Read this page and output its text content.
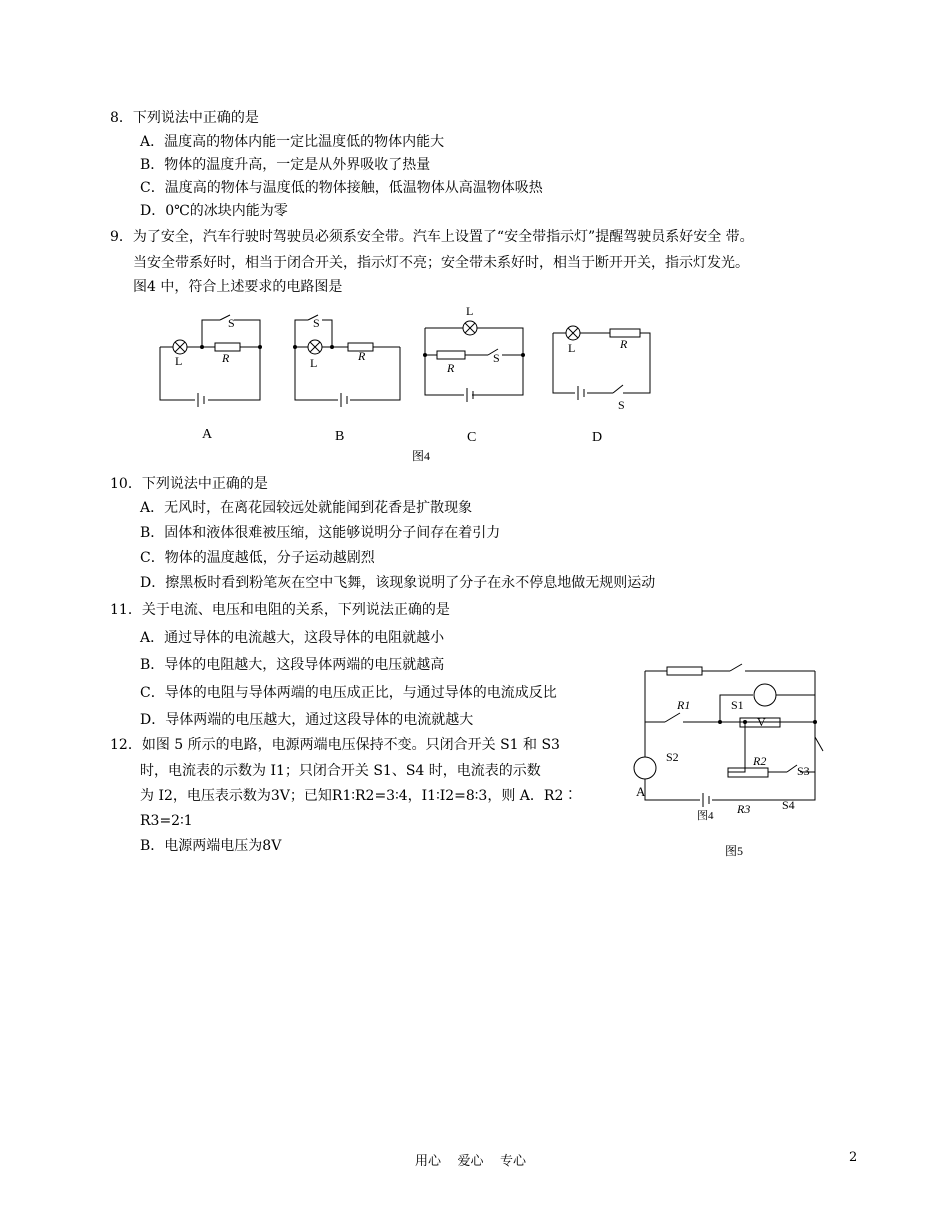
8．下列说法中正确的是
A．温度高的物体内能一定比温度低的物体内能大
B．物体的温度升高，一定是从外界吸收了热量
C．温度高的物体与温度低的物体接触，低温物体从高温物体吸热
D．0℃的冰块内能为零
9．为了安全，汽车行驶时驾驶员必须系安全带。汽车上设置了“安全带指示灯”提醒驾驶员系好安全 带。
当安全带系好时，相当于闭合开关，指示灯不亮；安全带未系好时，相当于断开开关，指示灯发光。
图4 中，符合上述要求的电路图是
L	R
S
L	R
S
L
R
S
L	R
S
A	B	C	D
图4
10．下列说法中正确的是
A．无风时，在离花园较远处就能闻到花香是扩散现象
B．固体和液体很难被压缩，这能够说明分子间存在着引力
C．物体的温度越低，分子运动越剧烈
D．擦黑板时看到粉笔灰在空中飞舞，该现象说明了分子在永不停息地做无规则运动
11．关于电流、电压和电阻的关系，下列说法正确的是
A．通过导体的电流越大，这段导体的电阻就越小
B．导体的电阻越大，这段导体两端的电压就越高
C．导体的电阻与导体两端的电压成正比，与通过导体的电流成反比
D．导体两端的电压越大，通过这段导体的电流就越大
12．如图 5 所示的电路，电源两端电压保持不变。只闭合开关 S1 和 S3
时，电流表的示数为 I1；只闭合开关 S1、S4 时，电流表的示数
为 I2，电压表示数为3V；已知R1∶R2=3∶4，I1∶I2=8∶3，则 A．R2∶
R3=2∶1
B．电源两端电压为8V
R1	S1
V
S2	R2
S3
A
R3	S4
图4
图5
用心    爱心    专心	2
